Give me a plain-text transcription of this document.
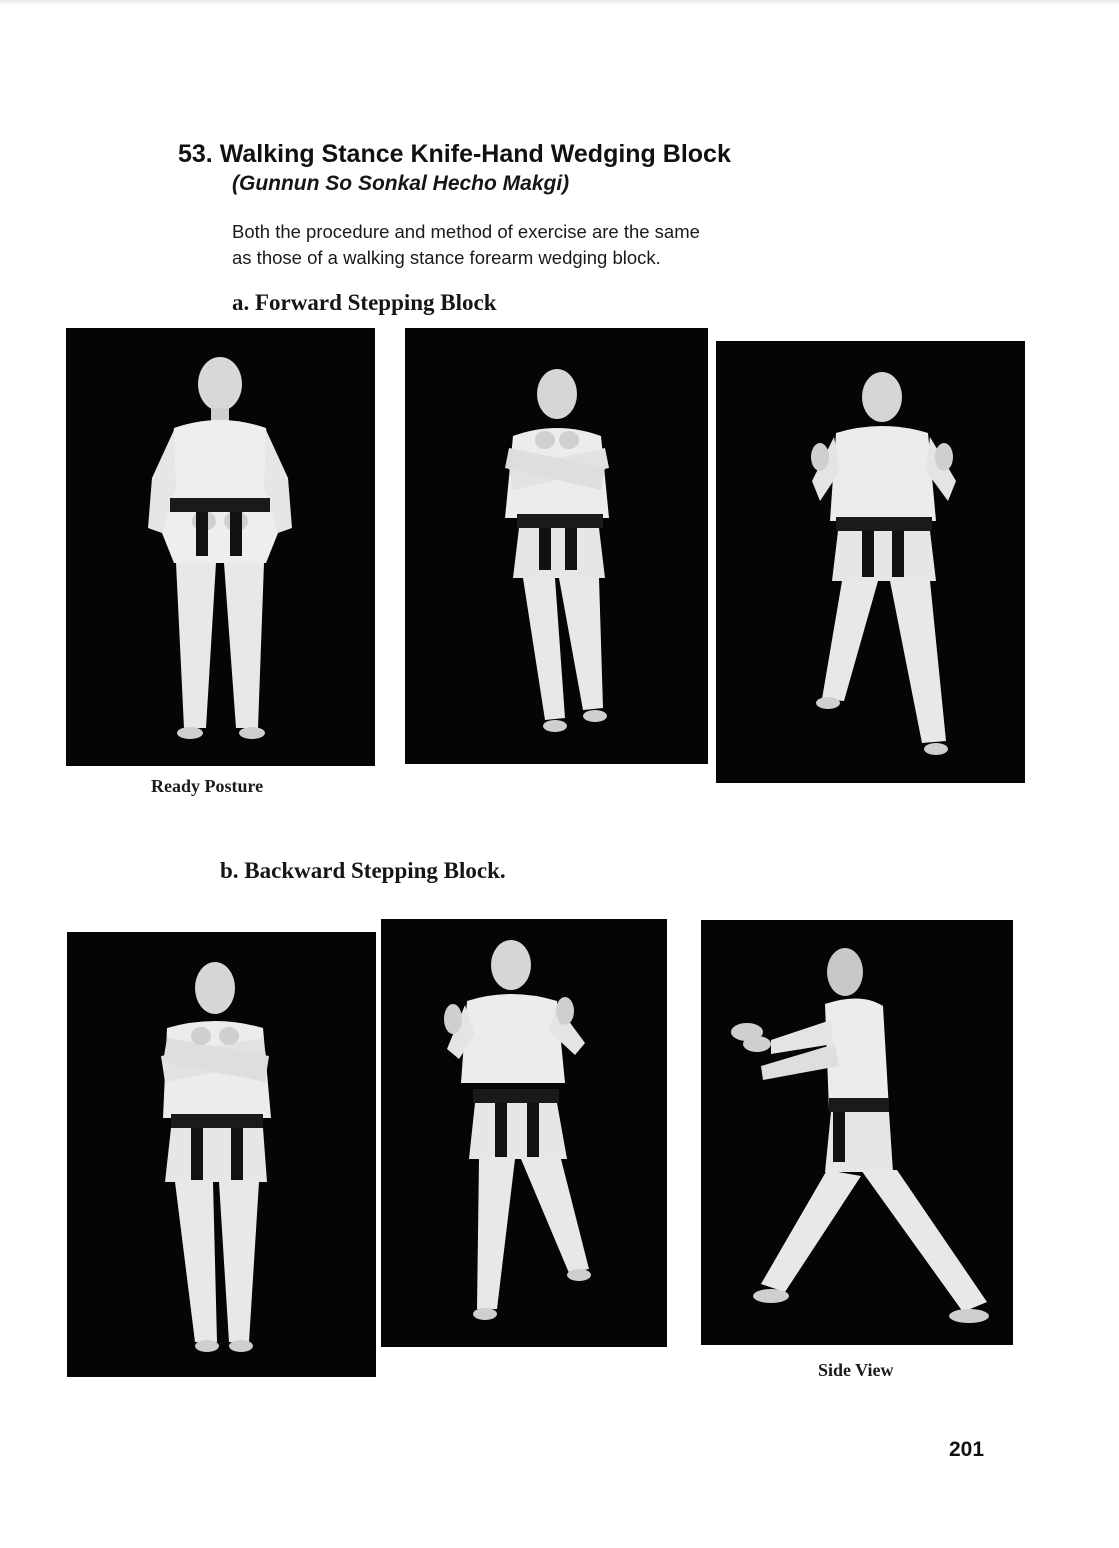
53. Walking Stance Knife-Hand Wedging Block
(Gunnun So Sonkal Hecho Makgi)

Both the procedure and method of exercise are the same
as those of a walking stance forearm wedging block.

a. Forward Stepping Block

Ready Posture

b. Backward Stepping Block.

Side View

201
